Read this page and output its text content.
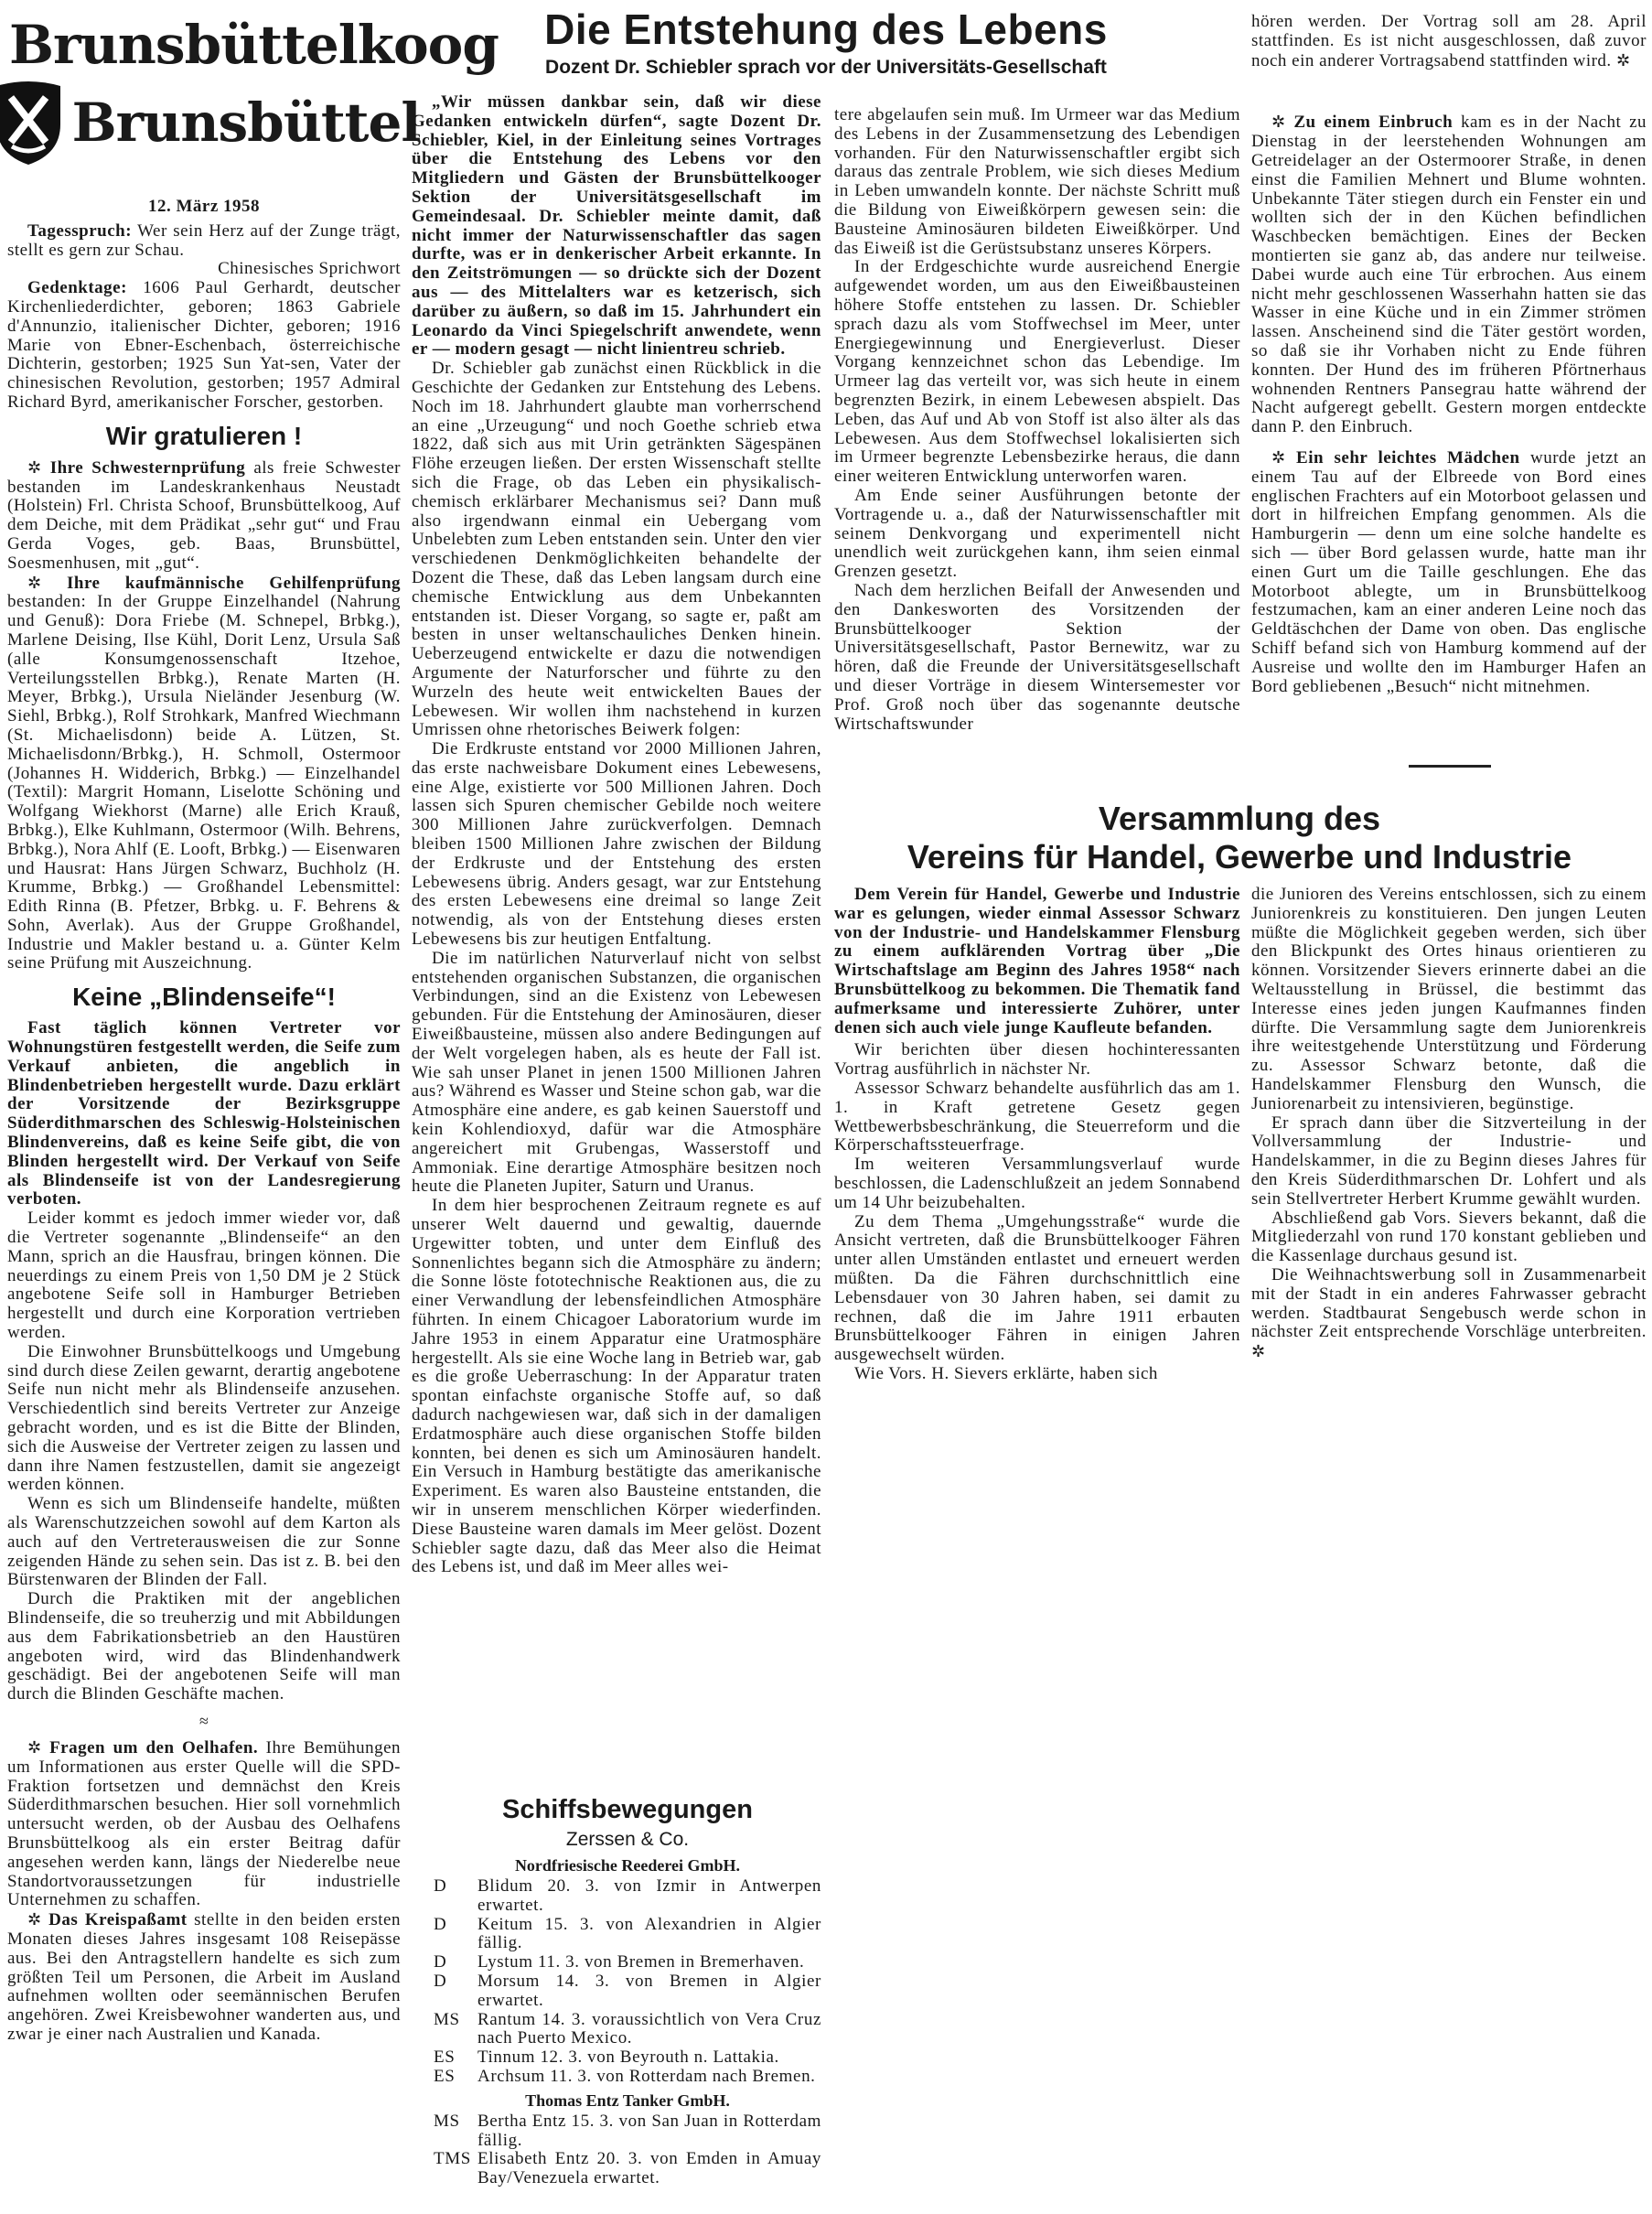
Brunsbüttelkoog
Brunsbüttel

12. März 1958

Tagesspruch: Wer sein Herz auf der Zunge trägt, stellt es gern zur Schau.

Chinesisches Sprichwort

Gedenktage: 1606 Paul Gerhardt, deutscher Kirchenliederdichter, geboren; 1863 Gabriele d'Annunzio, italienischer Dichter, geboren; 1916 Marie von Ebner-Eschenbach, österreichische Dichterin, gestorben; 1925 Sun Yat-sen, Vater der chinesischen Revolution, gestorben; 1957 Admiral Richard Byrd, amerikanischer Forscher, gestorben.

Wir gratulieren !

✲ Ihre Schwesternprüfung als freie Schwester bestanden im Landeskrankenhaus Neustadt (Holstein) Frl. Christa Schoof, Brunsbüttelkoog, Auf dem Deiche, mit dem Prädikat „sehr gut“ und Frau Gerda Voges, geb. Baas, Brunsbüttel, Soesmenhusen, mit „gut“.

✲ Ihre kaufmännische Gehilfenprüfung bestanden: In der Gruppe Einzelhandel (Nahrung und Genuß): Dora Friebe (M. Schnepel, Brbkg.), Marlene Deising, Ilse Kühl, Dorit Lenz, Ursula Saß (alle Konsumgenossenschaft Itzehoe, Verteilungsstellen Brbkg.), Renate Marten (H. Meyer, Brbkg.), Ursula Nieländer Jesenburg (W. Siehl, Brbkg.), Rolf Strohkark, Manfred Wiechmann (St. Michaelisdonn) beide A. Lützen, St. Michaelisdonn/Brbkg.), H. Schmoll, Ostermoor (Johannes H. Widderich, Brbkg.) — Einzelhandel (Textil): Margrit Homann, Liselotte Schöning und Wolfgang Wiekhorst (Marne) alle Erich Krauß, Brbkg.), Elke Kuhlmann, Ostermoor (Wilh. Behrens, Brbkg.), Nora Ahlf (E. Looft, Brbkg.) — Eisenwaren und Hausrat: Hans Jürgen Schwarz, Buchholz (H. Krumme, Brbkg.) — Großhandel Lebensmittel: Edith Rinna (B. Pfetzer, Brbkg. u. F. Behrens & Sohn, Averlak). Aus der Gruppe Großhandel, Industrie und Makler bestand u. a. Günter Kelm seine Prüfung mit Auszeichnung.

Keine „Blindenseife“!

Fast täglich können Vertreter vor Wohnungstüren festgestellt werden, die Seife zum Verkauf anbieten, die angeblich in Blindenbetrieben hergestellt wurde. Dazu erklärt der Vorsitzende der Bezirksgruppe Süderdithmarschen des Schleswig-Holsteinischen Blindenvereins, daß es keine Seife gibt, die von Blinden hergestellt wird. Der Verkauf von Seife als Blindenseife ist von der Landesregierung verboten.

Leider kommt es jedoch immer wieder vor, daß die Vertreter sogenannte „Blindenseife“ an den Mann, sprich an die Hausfrau, bringen können. Die neuerdings zu einem Preis von 1,50 DM je 2 Stück angebotene Seife soll in Hamburger Betrieben hergestellt und durch eine Korporation vertrieben werden.

Die Einwohner Brunsbüttelkoogs und Umgebung sind durch diese Zeilen gewarnt, derartig angebotene Seife nun nicht mehr als Blindenseife anzusehen. Verschiedentlich sind bereits Vertreter zur Anzeige gebracht worden, und es ist die Bitte der Blinden, sich die Ausweise der Vertreter zeigen zu lassen und dann ihre Namen festzustellen, damit sie angezeigt werden können.

Wenn es sich um Blindenseife handelte, müßten als Warenschutzzeichen sowohl auf dem Karton als auch auf den Vertreterausweisen die zur Sonne zeigenden Hände zu sehen sein. Das ist z. B. bei den Bürstenwaren der Blinden der Fall.

Durch die Praktiken mit der angeblichen Blindenseife, die so treuherzig und mit Abbildungen aus dem Fabrikationsbetrieb an den Haustüren angeboten wird, wird das Blindenhandwerk geschädigt. Bei der angebotenen Seife will man durch die Blinden Geschäfte machen.

≈

✲ Fragen um den Oelhafen. Ihre Bemühungen um Informationen aus erster Quelle will die SPD-Fraktion fortsetzen und demnächst den Kreis Süderdithmarschen besuchen. Hier soll vornehmlich untersucht werden, ob der Ausbau des Oelhafens Brunsbüttelkoog als ein erster Beitrag dafür angesehen werden kann, längs der Niederelbe neue Standortvoraussetzungen für industrielle Unternehmen zu schaffen.

✲ Das Kreispaßamt stellte in den beiden ersten Monaten dieses Jahres insgesamt 108 Reisepässe aus. Bei den Antragstellern handelte es sich zum größten Teil um Personen, die Arbeit im Ausland aufnehmen wollten oder seemännischen Berufen angehören. Zwei Kreisbewohner wanderten aus, und zwar je einer nach Australien und Kanada.

Die Entstehung des Lebens
Dozent Dr. Schiebler sprach vor der Universitäts-Gesellschaft

„Wir müssen dankbar sein, daß wir diese Gedanken entwickeln dürfen“, sagte Dozent Dr. Schiebler, Kiel, in der Einleitung seines Vortrages über die Entstehung des Lebens vor den Mitgliedern und Gästen der Brunsbüttelkooger Sektion der Universitätsgesellschaft im Gemeindesaal. Dr. Schiebler meinte damit, daß nicht immer der Naturwissenschaftler das sagen durfte, was er in denkerischer Arbeit erkannte. In den Zeitströmungen — so drückte sich der Dozent aus — des Mittelalters war es ketzerisch, sich darüber zu äußern, so daß im 15. Jahrhundert ein Leonardo da Vinci Spiegelschrift anwendete, wenn er — modern gesagt — nicht linientreu schrieb.

Dr. Schiebler gab zunächst einen Rückblick in die Geschichte der Gedanken zur Entstehung des Lebens. Noch im 18. Jahrhundert glaubte man vorherrschend an eine „Urzeugung“ und noch Goethe schrieb etwa 1822, daß sich aus mit Urin getränkten Sägespänen Flöhe erzeugen ließen. Der ersten Wissenschaft stellte sich die Frage, ob das Leben ein physikalisch-chemisch erklärbarer Mechanismus sei? Dann muß also irgendwann einmal ein Uebergang vom Unbelebten zum Leben entstanden sein. Unter den vier verschiedenen Denkmöglichkeiten behandelte der Dozent die These, daß das Leben langsam durch eine chemische Entwicklung aus dem Unbekannten entstanden ist. Dieser Vorgang, so sagte er, paßt am besten in unser weltanschauliches Denken hinein. Ueberzeugend entwickelte er dazu die notwendigen Argumente der Naturforscher und führte zu den Wurzeln des heute weit entwickelten Baues der Lebewesen. Wir wollen ihm nachstehend in kurzen Umrissen ohne rhetorisches Beiwerk folgen:

Die Erdkruste entstand vor 2000 Millionen Jahren, das erste nachweisbare Dokument eines Lebewesens, eine Alge, existierte vor 500 Millionen Jahren. Doch lassen sich Spuren chemischer Gebilde noch weitere 300 Millionen Jahre zurückverfolgen. Demnach bleiben 1500 Millionen Jahre zwischen der Bildung der Erdkruste und der Entstehung des ersten Lebewesens übrig. Anders gesagt, war zur Entstehung des ersten Lebewesens eine dreimal so lange Zeit notwendig, als von der Entstehung dieses ersten Lebewesens bis zur heutigen Entfaltung.

Die im natürlichen Naturverlauf nicht von selbst entstehenden organischen Substanzen, die organischen Verbindungen, sind an die Existenz von Lebewesen gebunden. Für die Entstehung der Aminosäuren, dieser Eiweißbausteine, müssen also andere Bedingungen auf der Welt vorgelegen haben, als es heute der Fall ist. Wie sah unser Planet in jenen 1500 Millionen Jahren aus? Während es Wasser und Steine schon gab, war die Atmosphäre eine andere, es gab keinen Sauerstoff und kein Kohlendioxyd, dafür war die Atmosphäre angereichert mit Grubengas, Wasserstoff und Ammoniak. Eine derartige Atmosphäre besitzen noch heute die Planeten Jupiter, Saturn und Uranus.

In dem hier besprochenen Zeitraum regnete es auf unserer Welt dauernd und gewaltig, dauernde Urgewitter tobten, und unter dem Einfluß des Sonnenlichtes begann sich die Atmosphäre zu ändern; die Sonne löste fototechnische Reaktionen aus, die zu einer Verwandlung der lebensfeindlichen Atmosphäre führten. In einem Chicagoer Laboratorium wurde im Jahre 1953 in einem Apparatur eine Uratmosphäre hergestellt. Als sie eine Woche lang in Betrieb war, gab es die große Ueberraschung: In der Apparatur traten spontan einfachste organische Stoffe auf, so daß dadurch nachgewiesen war, daß sich in der damaligen Erdatmosphäre auch diese organischen Stoffe bilden konnten, bei denen es sich um Aminosäuren handelt. Ein Versuch in Hamburg bestätigte das amerikanische Experiment. Es waren also Bausteine entstanden, die wir in unserem menschlichen Körper wiederfinden. Diese Bausteine waren damals im Meer gelöst. Dozent Schiebler sagte dazu, daß das Meer also die Heimat des Lebens ist, und daß im Meer alles wei-

Schiffsbewegungen
Zerssen & Co.
Nordfriesische Reederei GmbH.
D	Blidum 20. 3. von Izmir in Antwerpen erwartet.
D	Keitum 15. 3. von Alexandrien in Algier fällig.
D	Lystum 11. 3. von Bremen in Bremerhaven.
D	Morsum 14. 3. von Bremen in Algier erwartet.
MS	Rantum 14. 3. voraussichtlich von Vera Cruz nach Puerto Mexico.
ES	Tinnum 12. 3. von Beyrouth n. Lattakia.
ES	Archsum 11. 3. von Rotterdam nach Bremen.
Thomas Entz Tanker GmbH.
MS	Bertha Entz 15. 3. von San Juan in Rotterdam fällig.
TMS Elisabeth Entz 20. 3. von Emden in Amuay Bay/Venezuela erwartet.

tere abgelaufen sein muß. Im Urmeer war das Medium des Lebens in der Zusammensetzung des Lebendigen vorhanden. Für den Naturwissenschaftler ergibt sich daraus das zentrale Problem, wie sich dieses Medium in Leben umwandeln konnte. Der nächste Schritt muß die Bildung von Eiweißkörpern gewesen sein: die Bausteine Aminosäuren bildeten Eiweißkörper. Und das Eiweiß ist die Gerüstsubstanz unseres Körpers.

In der Erdgeschichte wurde ausreichend Energie aufgewendet worden, um aus den Eiweißbausteinen höhere Stoffe entstehen zu lassen. Dr. Schiebler sprach dazu als vom Stoffwechsel im Meer, unter Energiegewinnung und Energieverlust. Dieser Vorgang kennzeichnet schon das Lebendige. Im Urmeer lag das verteilt vor, was sich heute in einem begrenzten Bezirk, in einem Lebewesen abspielt. Das Leben, das Auf und Ab von Stoff ist also älter als das Lebewesen. Aus dem Stoffwechsel lokalisierten sich im Urmeer begrenzte Lebensbezirke heraus, die dann einer weiteren Entwicklung unterworfen waren.

Am Ende seiner Ausführungen betonte der Vortragende u. a., daß der Naturwissenschaftler mit seinem Denkvorgang und experimentell nicht unendlich weit zurückgehen kann, ihm seien einmal Grenzen gesetzt.

Nach dem herzlichen Beifall der Anwesenden und den Dankesworten des Vorsitzenden der Brunsbüttelkooger Sektion der Universitätsgesellschaft, Pastor Bernewitz, war zu hören, daß die Freunde der Universitätsgesellschaft und dieser Vorträge in diesem Wintersemester vor Prof. Groß noch über das sogenannte deutsche Wirtschaftswunder

hören werden. Der Vortrag soll am 28. April stattfinden. Es ist nicht ausgeschlossen, daß zuvor noch ein anderer Vortragsabend stattfinden wird. ✲

✲ Zu einem Einbruch kam es in der Nacht zu Dienstag in der leerstehenden Wohnungen am Getreidelager an der Ostermoorer Straße, in denen einst die Familien Mehnert und Blume wohnten. Unbekannte Täter stiegen durch ein Fenster ein und wollten sich der in den Küchen befindlichen Waschbecken bemächtigen. Eines der Becken montierten sie ganz ab, das andere nur teilweise. Dabei wurde auch eine Tür erbrochen. Aus einem nicht mehr geschlossenen Wasserhahn hatten sie das Wasser in eine Küche und in ein Zimmer strömen lassen. Anscheinend sind die Täter gestört worden, so daß sie ihr Vorhaben nicht zu Ende führen konnten. Der Hund des im früheren Pförtnerhaus wohnenden Rentners Pansegrau hatte während der Nacht aufgeregt gebellt. Gestern morgen entdeckte dann P. den Einbruch.

✲ Ein sehr leichtes Mädchen wurde jetzt an einem Tau auf der Elbreede von Bord eines englischen Frachters auf ein Motorboot gelassen und dort in hilfreichen Empfang genommen. Als die Hamburgerin — denn um eine solche handelte es sich — über Bord gelassen wurde, hatte man ihr einen Gurt um die Taille geschlungen. Ehe das Motorboot ablegte, um in Brunsbüttelkoog festzumachen, kam an einer anderen Leine noch das Geldtäschchen der Dame von oben. Das englische Schiff befand sich von Hamburg kommend auf der Ausreise und wollte den im Hamburger Hafen an Bord gebliebenen „Besuch“ nicht mitnehmen.

Versammlung des
Vereins für Handel, Gewerbe und Industrie

Dem Verein für Handel, Gewerbe und Industrie war es gelungen, wieder einmal Assessor Schwarz von der Industrie- und Handelskammer Flensburg zu einem aufklärenden Vortrag über „Die Wirtschaftslage am Beginn des Jahres 1958“ nach Brunsbüttelkoog zu bekommen. Die Thematik fand aufmerksame und interessierte Zuhörer, unter denen sich auch viele junge Kaufleute befanden.

Wir berichten über diesen hochinteressanten Vortrag ausführlich in nächster Nr.

Assessor Schwarz behandelte ausführlich das am 1. 1. in Kraft getretene Gesetz gegen Wettbewerbsbeschränkung, die Steuerreform und die Körperschaftssteuerfrage.

Im weiteren Versammlungsverlauf wurde beschlossen, die Ladenschlußzeit an jedem Sonnabend um 14 Uhr beizubehalten.

Zu dem Thema „Umgehungsstraße“ wurde die Ansicht vertreten, daß die Brunsbüttelkooger Fähren unter allen Umständen entlastet und erneuert werden müßten. Da die Fähren durchschnittlich eine Lebensdauer von 30 Jahren haben, sei damit zu rechnen, daß die im Jahre 1911 erbauten Brunsbüttelkooger Fähren in einigen Jahren ausgewechselt würden.

Wie Vors. H. Sievers erklärte, haben sich

die Junioren des Vereins entschlossen, sich zu einem Juniorenkreis zu konstituieren. Den jungen Leuten müßte die Möglichkeit gegeben werden, sich über den Blickpunkt des Ortes hinaus orientieren zu können. Vorsitzender Sievers erinnerte dabei an die Weltausstellung in Brüssel, die bestimmt das Interesse eines jeden jungen Kaufmannes finden dürfte. Die Versammlung sagte dem Juniorenkreis ihre weitestgehende Unterstützung und Förderung zu. Assessor Schwarz betonte, daß die Handelskammer Flensburg den Wunsch, die Juniorenarbeit zu intensivieren, begünstige.

Er sprach dann über die Sitzverteilung in der Vollversammlung der Industrie- und Handelskammer, in die zu Beginn dieses Jahres für den Kreis Süderdithmarschen Dr. Lohfert und als sein Stellvertreter Herbert Krumme gewählt wurden.

Abschließend gab Vors. Sievers bekannt, daß die Mitgliederzahl von rund 170 konstant geblieben und die Kassenlage durchaus gesund ist.

Die Weihnachtswerbung soll in Zusammenarbeit mit der Stadt in ein anderes Fahrwasser gebracht werden. Stadtbaurat Sengebusch werde schon in nächster Zeit entsprechende Vorschläge unterbreiten. ✲
